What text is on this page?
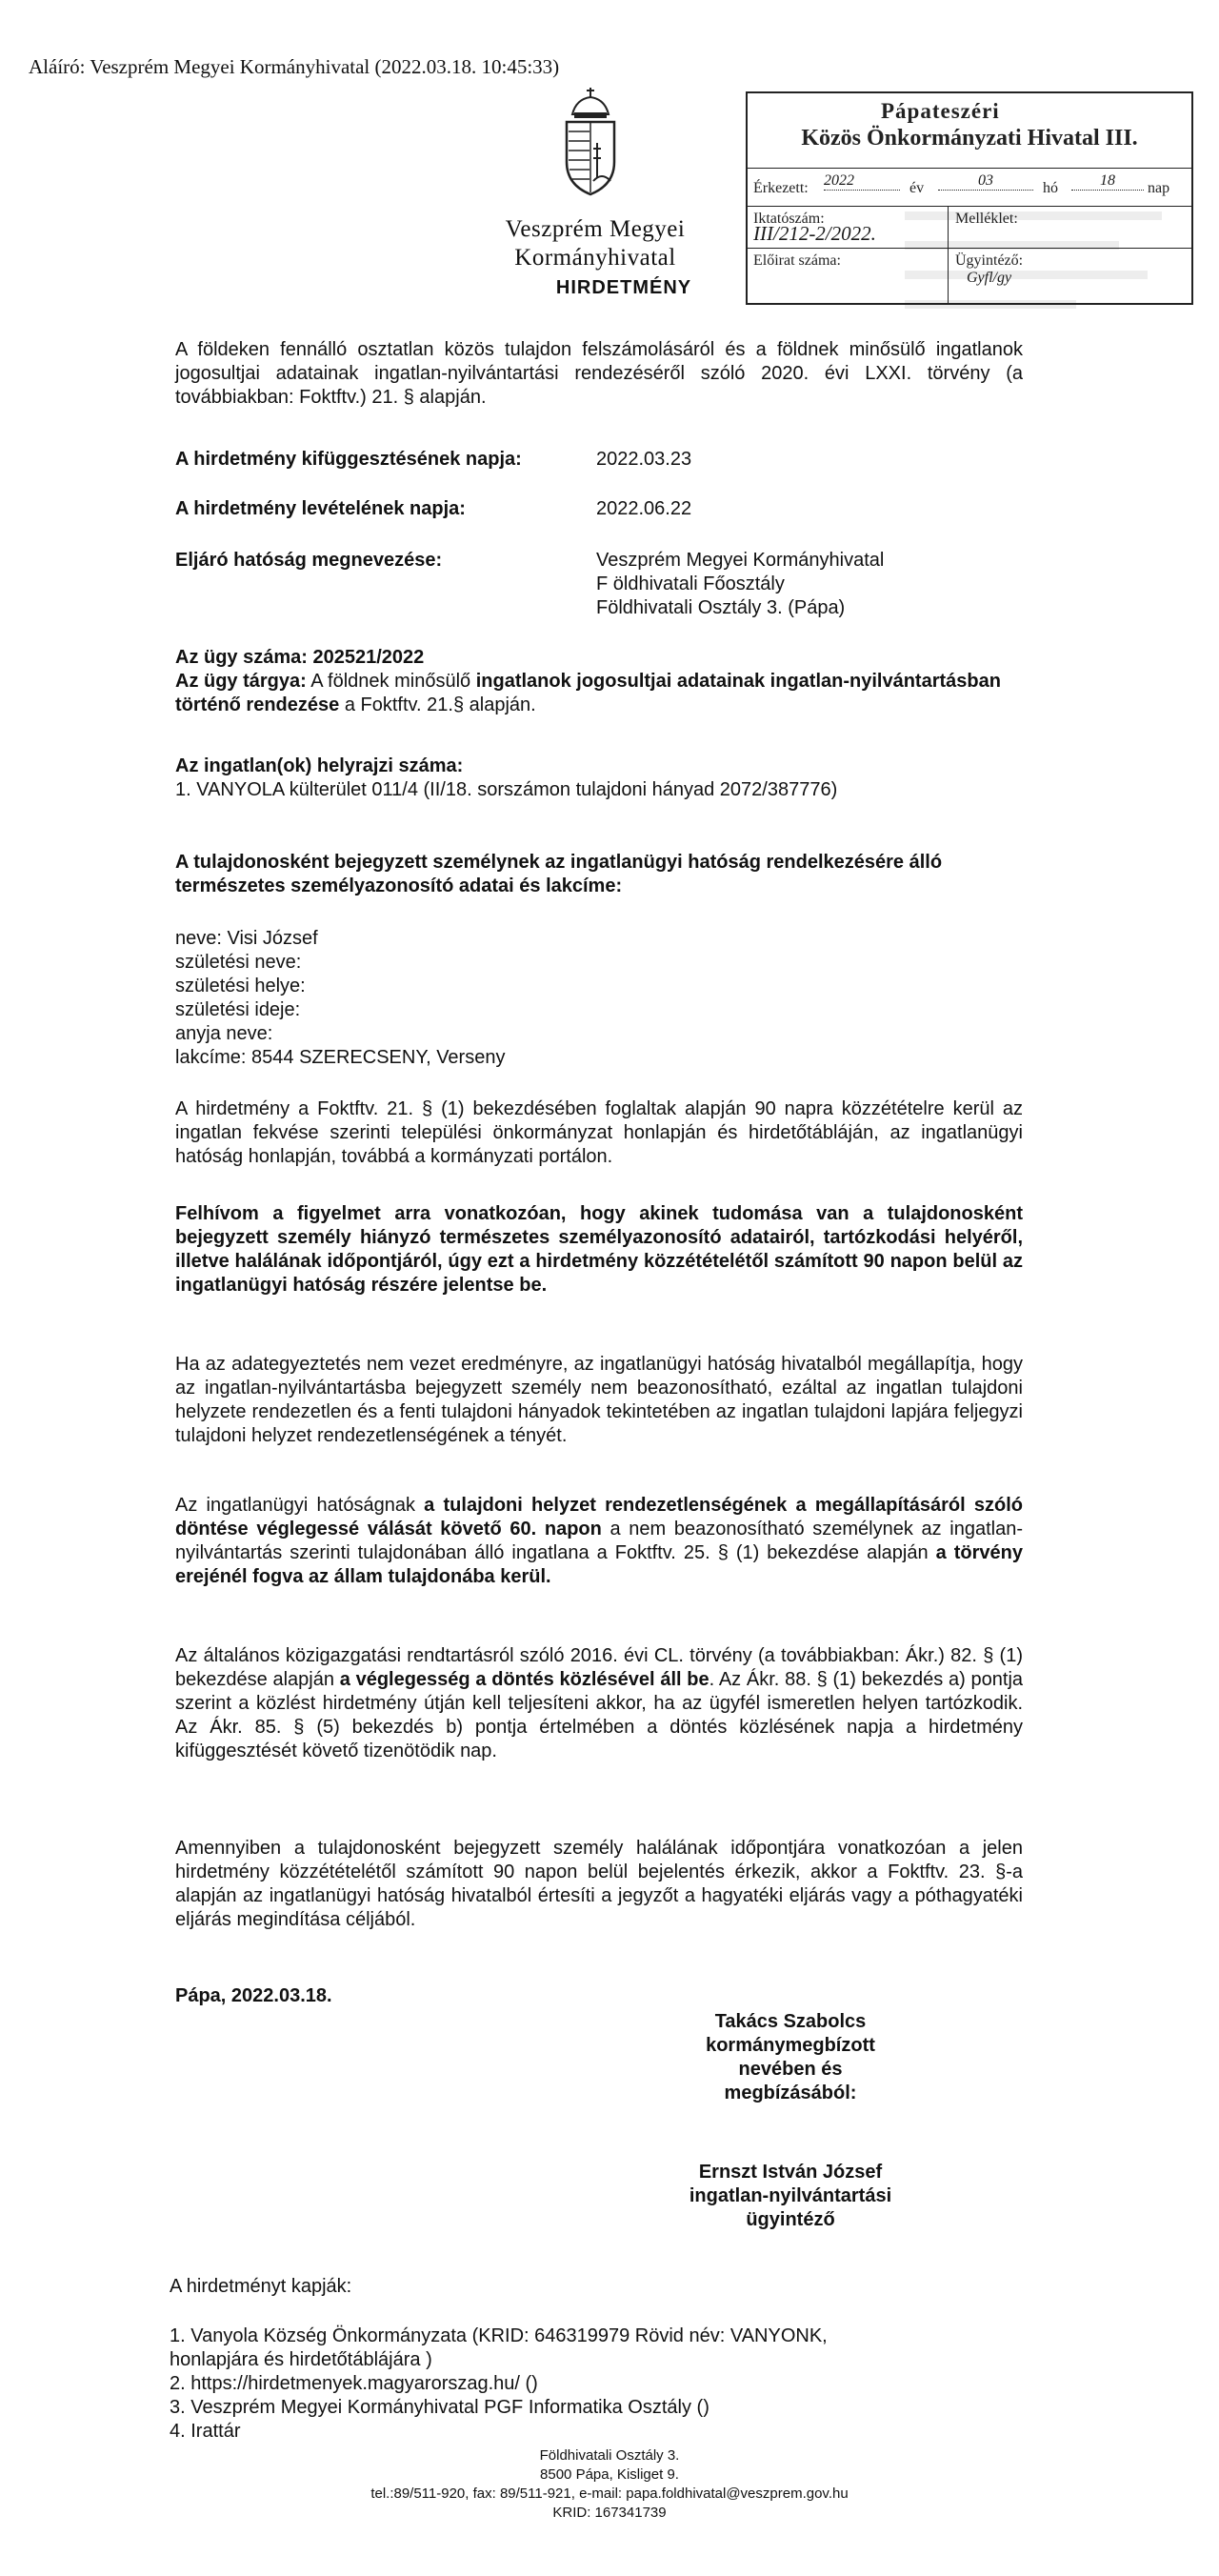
Aláíró: Veszprém Megyei Kormányhivatal (2022.03.18. 10:45:33)
Veszprém Megyei
Kormányhivatal
HIRDETMÉNY
Pápateszéri
Közös Önkormányzati Hivatal III.
Érkezett: 2022	év	03	hó	18	nap
Iktatószám:
III/212-2/2022.
Melléklet:
Előirat száma:	Ügyintéző:
Gyfl/gy
A földeken fennálló osztatlan közös tulajdon felszámolásáról és a földnek minősülő ingatlanok jogosultjai adatainak ingatlan-nyilvántartási rendezéséről szóló 2020. évi LXXI. törvény (a továbbiakban: Foktftv.) 21. § alapján.
A hirdetmény kifüggesztésének napja:	2022.03.23
A hirdetmény levételének napja:	2022.06.22
Eljáró hatóság megnevezése:	Veszprém Megyei Kormányhivatal
F öldhivatali Főosztály
Földhivatali Osztály 3. (Pápa)
Az ügy száma: 202521/2022
Az ügy tárgya: A földnek minősülő ingatlanok jogosultjai adatainak ingatlan-nyilvántartásban történő rendezése a Foktftv. 21.§ alapján.
Az ingatlan(ok) helyrajzi száma:
1. VANYOLA külterület 011/4 (II/18. sorszámon tulajdoni hányad 2072/387776)
A tulajdonosként bejegyzett személynek az ingatlanügyi hatóság rendelkezésére álló természetes személyazonosító adatai és lakcíme:
neve: Visi József
születési neve:
születési helye:
születési ideje:
anyja neve:
lakcíme: 8544 SZERECSENY, Verseny
A hirdetmény a Foktftv. 21. § (1) bekezdésében foglaltak alapján 90 napra közzétételre kerül az ingatlan fekvése szerinti települési önkormányzat honlapján és hirdetőtábláján, az ingatlanügyi hatóság honlapján, továbbá a kormányzati portálon.
Felhívom a figyelmet arra vonatkozóan, hogy akinek tudomása van a tulajdonosként bejegyzett személy hiányzó természetes személyazonosító adatairól, tartózkodási helyéről, illetve halálának időpontjáról, úgy ezt a hirdetmény közzétételétől számított 90 napon belül az ingatlanügyi hatóság részére jelentse be.
Ha az adategyeztetés nem vezet eredményre, az ingatlanügyi hatóság hivatalból megállapítja, hogy az ingatlan-nyilvántartásba bejegyzett személy nem beazonosítható, ezáltal az ingatlan tulajdoni helyzete rendezetlen és a fenti tulajdoni hányadok tekintetében az ingatlan tulajdoni lapjára feljegyzi tulajdoni helyzet rendezetlenségének a tényét.
Az ingatlanügyi hatóságnak a tulajdoni helyzet rendezetlenségének a megállapításáról szóló döntése véglegessé válását követő 60. napon a nem beazonosítható személynek az ingatlan- nyilvántartás szerinti tulajdonában álló ingatlana a Foktftv. 25. § (1) bekezdése alapján a törvény erejénél fogva az állam tulajdonába kerül.
Az általános közigazgatási rendtartásról szóló 2016. évi CL. törvény (a továbbiakban: Ákr.) 82. § (1) bekezdése alapján a véglegesség a döntés közlésével áll be. Az Ákr. 88. § (1) bekezdés a) pontja szerint a közlést hirdetmény útján kell teljesíteni akkor, ha az ügyfél ismeretlen helyen tartózkodik. Az Ákr. 85. § (5) bekezdés b) pontja értelmében a döntés közlésének napja a hirdetmény kifüggesztését követő tizenötödik nap.
Amennyiben a tulajdonosként bejegyzett személy halálának időpontjára vonatkozóan a jelen hirdetmény közzétételétől számított 90 napon belül bejelentés érkezik, akkor a Foktftv. 23. §-a alapján az ingatlanügyi hatóság hivatalból értesíti a jegyzőt a hagyatéki eljárás vagy a póthagyatéki eljárás megindítása céljából.
Pápa, 2022.03.18.
Takács Szabolcs
kormánymegbízott
nevében és
megbízásából:
Ernszt István József
ingatlan-nyilvántartási
ügyintéző
A hirdetményt kapják:
1. Vanyola Község Önkormányzata (KRID: 646319979 Rövid név: VANYONK,
honlapjára és hirdetőtáblájára )
2. https://hirdetmenyek.magyarorszag.hu/ ()
3. Veszprém Megyei Kormányhivatal PGF Informatika Osztály ()
4. Irattár
Földhivatali Osztály 3.
8500 Pápa, Kisliget 9.
tel.:89/511-920, fax: 89/511-921, e-mail: papa.foldhivatal@veszprem.gov.hu
KRID: 167341739
